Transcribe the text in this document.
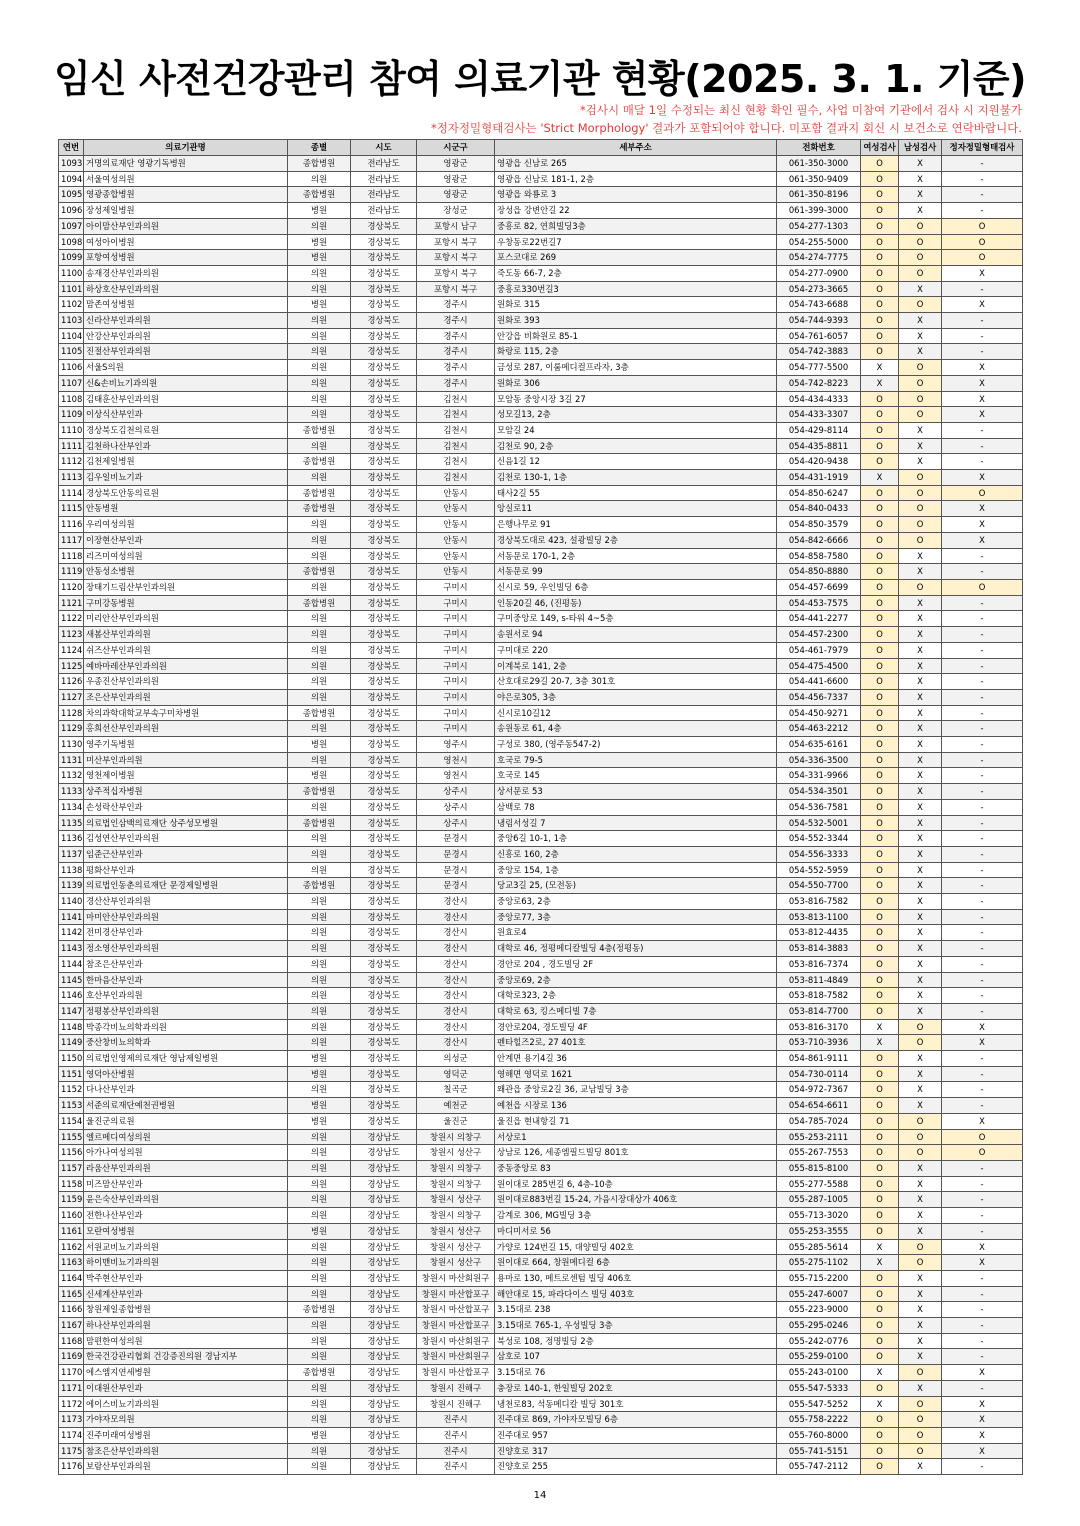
임신 사전건강관리 참여 의료기관 현황(2025. 3. 1. 기준)
*검사시 매달 1일 수정되는 최신 현황 확인 필수, 사업 미참여 기관에서 검사 시 지원불가
*정자정밀형태검사는 'Strict Morphology' 결과가 포함되어야 합니다. 미포함 결과지 회신 시 보건소로 연락바랍니다.
연번	의료기관명	종별	시도	시군구	세부주소	전화번호	여성검사	남성검사	정자정밀형태검사
1093	거명의료재단 영광기독병원	종합병원	전라남도	영광군	영광읍 신남로 265	061-350-3000	O	X	-
1094	서울여성의원	의원	전라남도	영광군	영광읍 신남로 181-1, 2층	061-350-9409	O	X	-
1095	영광종합병원	종합병원	전라남도	영광군	영광읍 와룡로 3	061-350-8196	O	X	-
1096	장성제일병원	병원	전라남도	장성군	장성읍 강변안길 22	061-399-3000	O	X	-
1097	아이맘산부인과의원	의원	경상북도	포항시 남구	중흥로 82, 연희빌딩3층	054-277-1303	O	O	O
1098	여성아이병원	병원	경상북도	포항시 북구	우창동로22번길7	054-255-5000	O	O	O
1099	포항여성병원	병원	경상북도	포항시 북구	포스코대로 269	054-274-7775	O	O	O
1100	송재경산부인과의원	의원	경상북도	포항시 북구	죽도동 66-7, 2층	054-277-0900	O	O	X
1101	하상호산부인과의원	의원	경상북도	포항시 북구	중흥로330번길3	054-273-3665	O	X	-
1102	맘존여성병원	병원	경상북도	경주시	원화로 315	054-743-6688	O	O	X
1103	신라산부인과의원	의원	경상북도	경주시	원화로 393	054-744-9393	O	X	-
1104	안강산부인과의원	의원	경상북도	경주시	안강읍 비화원로 85-1	054-761-6057	O	X	-
1105	진절산부인과의원	의원	경상북도	경주시	화랑로 115, 2층	054-742-3883	O	X	-
1106	서울S의원	의원	경상북도	경주시	금성로 287, 이룸메디컬프라자, 3층	054-777-5500	X	O	X
1107	신&손비뇨기과의원	의원	경상북도	경주시	원화로 306	054-742-8223	X	O	X
1108	김태훈산부인과의원	의원	경상북도	김천시	모암동 중앙시장 3길 27	054-434-4333	O	O	X
1109	이상식산부인과	의원	경상북도	김천시	성모길13, 2층	054-433-3307	O	O	X
1110	경상북도김천의료원	종합병원	경상북도	김천시	모암길 24	054-429-8114	O	X	-
1111	김천하나산부인과	의원	경상북도	김천시	김천로 90, 2층	054-435-8811	O	X	-
1112	김천제일병원	종합병원	경상북도	김천시	신음1길 12	054-420-9438	O	X	-
1113	김우일비뇨기과	의원	경상북도	김천시	김천로 130-1, 1층	054-431-1919	X	O	X
1114	경상북도안동의료원	종합병원	경상북도	안동시	태사2길 55	054-850-6247	O	O	O
1115	안동병원	종합병원	경상북도	안동시	앙실로11	054-840-0433	O	O	X
1116	우리여성의원	의원	경상북도	안동시	은행나무로 91	054-850-3579	O	O	X
1117	이장현산부인과	의원	경상북도	안동시	경상북도대로 423, 설광빌딩 2층	054-842-6666	O	O	X
1118	리즈미여성의원	의원	경상북도	안동시	서동문로 170-1, 2층	054-858-7580	O	X	-
1119	안동성소병원	종합병원	경상북도	안동시	서동문로 99	054-850-8880	O	X	-
1120	장태기드림산부인과의원	의원	경상북도	구미시	신시로 59, 우인빌딩 6층	054-457-6699	O	O	O
1121	구미강동병원	종합병원	경상북도	구미시	인동20길 46, (진평동)	054-453-7575	O	X	-
1122	미리안산부인과의원	의원	경상북도	구미시	구미중앙로 149, s-타워 4~5층	054-441-2277	O	X	-
1123	새봄산부인과의원	의원	경상북도	구미시	송원서로 94	054-457-2300	O	X	-
1124	쉬즈산부인과의원	의원	경상북도	구미시	구미대로 220	054-461-7979	O	X	-
1125	예바마레산부인과의원	의원	경상북도	구미시	이계북로 141, 2층	054-475-4500	O	X	-
1126	우종진산부인과의원	의원	경상북도	구미시	산호대로29길 20-7, 3층 301호	054-441-6600	O	X	-
1127	조은산부인과의원	의원	경상북도	구미시	야은로305, 3층	054-456-7337	O	X	-
1128	차의과학대학교부속구미차병원	종합병원	경상북도	구미시	신시로10길12	054-450-9271	O	X	-
1129	홍희선산부인과의원	의원	경상북도	구미시	송원동로 61, 4층	054-463-2212	O	X	-
1130	영주기독병원	병원	경상북도	영주시	구성로 380, (영주동547-2)	054-635-6161	O	X	-
1131	미산부인과의원	의원	경상북도	영천시	호국로 79-5	054-336-3500	O	X	-
1132	영천제이병원	병원	경상북도	영천시	호국로 145	054-331-9966	O	X	-
1133	상주적십자병원	종합병원	경상북도	상주시	상서문로 53	054-534-3501	O	X	-
1134	손성락산부인과	의원	경상북도	상주시	삼백로 78	054-536-7581	O	X	-
1135	의료법인삼백의료재단 상주성모병원	종합병원	경상북도	상주시	냉림서성길 7	054-532-5001	O	X	-
1136	김성연산부인과의원	의원	경상북도	문경시	중앙6길 10-1, 1층	054-552-3344	O	X	-
1137	임준근산부인과	의원	경상북도	문경시	신흥로 160, 2층	054-556-3333	O	X	-
1138	평화산부인과	의원	경상북도	문경시	중앙로 154, 1층	054-552-5959	O	X	-
1139	의료법인동춘의료재단 문경제일병원	종합병원	경상북도	문경시	당교3길 25, (모전동)	054-550-7700	O	X	-
1140	경산산부인과의원	의원	경상북도	경산시	중앙로63, 2층	053-816-7582	O	X	-
1141	마미안산부인과의원	의원	경상북도	경산시	중앙로77, 3층	053-813-1100	O	X	-
1142	전미경산부인과	의원	경상북도	경산시	원효로4	053-812-4435	O	X	-
1143	정소영산부인과의원	의원	경상북도	경산시	대학로 46, 정평메디칼빌딩 4층(정평동)	053-814-3883	O	X	-
1144	참조은산부인과	의원	경상북도	경산시	경안로 204 , 경도빌딩 2F	053-816-7374	O	X	-
1145	한마음산부인과	의원	경상북도	경산시	중앙로69, 2층	053-811-4849	O	X	-
1146	호산부인과의원	의원	경상북도	경산시	대학로323, 2층	053-818-7582	O	X	-
1147	정평봉산부인과의원	의원	경상북도	경산시	대학로 63, 킹스메디빌 7층	053-814-7700	O	X	-
1148	박종각비뇨의학과의원	의원	경상북도	경산시	경안로204, 경도빌딩 4F	053-816-3170	X	O	X
1149	중산창비뇨의학과	의원	경상북도	경산시	펜타힐즈2로, 27 401호	053-710-3936	X	O	X
1150	의료법인영제의료재단 영남제일병원	병원	경상북도	의성군	안계면 용기4길 36	054-861-9111	O	X	-
1151	영덕아산병원	병원	경상북도	영덕군	영해면 영덕로 1621	054-730-0114	O	X	-
1152	다나산부인과	의원	경상북도	칠곡군	왜관읍 중앙로2길 36, 교남빌딩 3층	054-972-7367	O	X	-
1153	서준의료재단예천권병원	병원	경상북도	예천군	예천읍 시장로 136	054-654-6611	O	X	-
1154	울진군의료원	병원	경상북도	울진군	울진읍 현내항길 71	054-785-7024	O	O	X
1155	엘르메디여성의원	의원	경상남도	창원시 의창구	서상로1	055-253-2111	O	O	O
1156	아가나여성의원	의원	경상남도	창원시 성산구	상남로 126, 세종엠필드빌딩 801호	055-267-7553	O	O	O
1157	라움산부인과의원	의원	경상남도	창원시 의창구	중동중앙로 83	055-815-8100	O	X	-
1158	미즈맘산부인과	의원	경상남도	창원시 의창구	원이대로 285번길 6, 4층-10층	055-277-5588	O	X	-
1159	윤은숙산부인과의원	의원	경상남도	창원시 성산구	원이대로883번길 15-24, 가음시장대상가 406호	055-287-1005	O	X	-
1160	전한나산부인과	의원	경상남도	창원시 의창구	감계로 306, MG빌딩 3층	055-713-3020	O	X	-
1161	모란여성병원	병원	경상남도	창원시 성산구	마디미서로 56	055-253-3555	O	X	-
1162	서원교비뇨기과의원	의원	경상남도	창원시 성산구	가양로 124번길 15, 대양빌딩 402호	055-285-5614	X	O	X
1163	하이맨비뇨기과의원	의원	경상남도	창원시 성산구	원이대로 664, 창원메디컬 6층	055-275-1102	X	O	X
1164	박주현산부인과	의원	경상남도	창원시 마산회원구	용마로 130, 메트로센텀 빌딩 406호	055-715-2200	O	X	-
1165	신세계산부인과	의원	경상남도	창원시 마산합포구	해안대로 15, 파라다이스 빌딩 403호	055-247-6007	O	X	-
1166	창원제일종합병원	종합병원	경상남도	창원시 마산합포구	3.15대로 238	055-223-9000	O	X	-
1167	하나산부인과의원	의원	경상남도	창원시 마산합포구	3.15대로 765-1, 우성빌딩 3층	055-295-0246	O	X	-
1168	맘편한여성의원	의원	경상남도	창원시 마산회원구	북성로 108, 정명빌딩 2층	055-242-0776	O	X	-
1169	한국건강관리협회 건강증진의원 경남지부	의원	경상남도	창원시 마산회원구	삼호로 107	055-259-0100	O	X	-
1170	에스엠지연세병원	종합병원	경상남도	창원시 마산합포구	3.15대로 76	055-243-0100	X	O	X
1171	이대원산부인과	의원	경상남도	창원시 진해구	충장로 140-1, 한일빌딩 202호	055-547-5333	O	X	-
1172	에이스비뇨기과의원	의원	경상남도	창원시 진해구	냉천로83, 석동메디칼 빌딩 301호	055-547-5252	X	O	X
1173	가야자모의원	의원	경상남도	진주시	진주대로 869, 가야자모빌딩 6층	055-758-2222	O	O	X
1174	진주미래여성병원	병원	경상남도	진주시	진주대로 957	055-760-8000	O	O	X
1175	참조은산부인과의원	의원	경상남도	진주시	진양호로 317	055-741-5151	O	O	X
1176	보람산부인과의원	의원	경상남도	진주시	진양호로 255	055-747-2112	O	X	-
14
